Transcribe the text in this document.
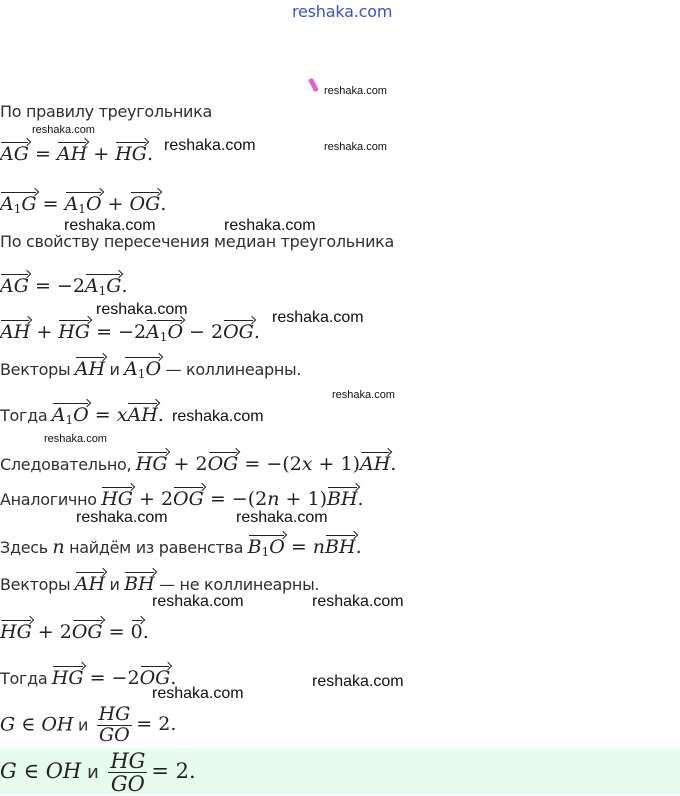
reshaka.com
reshaka.com
По правилу треугольника
reshaka.com
AG = AH + HG. reshaka.com	reshaka.com
$A_1G = A_1O$ + OG.
reshaka.com	reshaka.com
По свойству пересечения медиан треугольника
AG = $-2A_1G$.
reshaka.com
AH + HG = $-2A_1O - 2OG$.
reshaka.com
Векторы AH и $A_1O$ — коллинеарны.
reshaka.com
Тогда $A_1O$ = xAH. reshaka.com
reshaka.com
Следовательно, HG + 2OG = −(2x + 1)AH.
Аналогично HG + 2OG = −(2n + 1)BH.
reshaka.com	reshaka.com
Здесь n найдём из равенства $B_1O$ = nBH.
Векторы AH и BH — не коллинеарны.
reshaka.com	reshaka.com
HG + 2OG = 0.
Тогда HG = −2OG.
reshaka.com
reshaka.com
G ∈ OH и $\frac{HG}{GO} = 2$.
G ∈ OH и $\frac{HG}{GO} = 2$.
